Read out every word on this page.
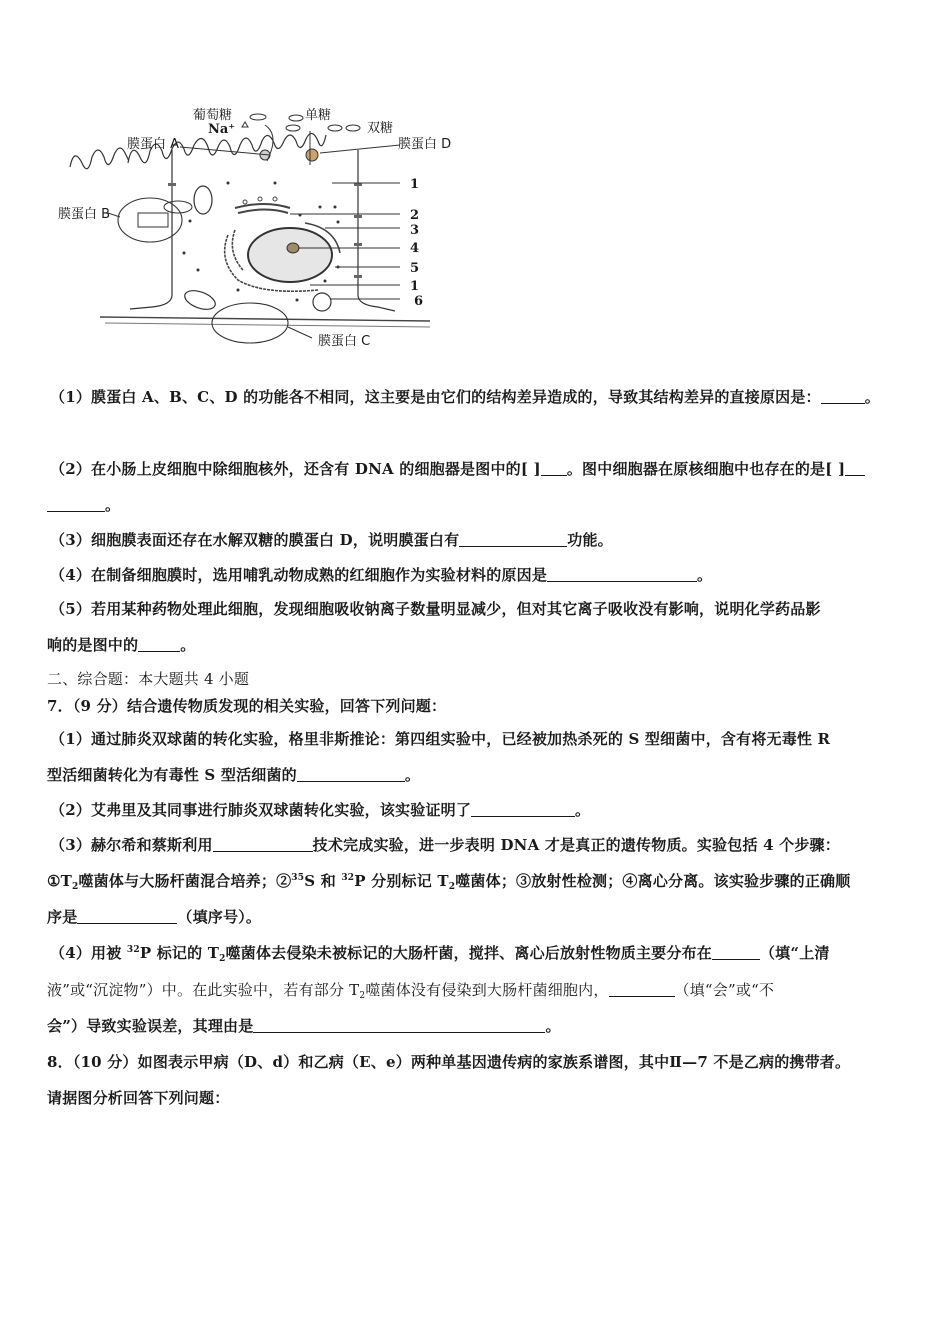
葡萄糖
Na⁺
单糖
双糖
膜蛋白 A	膜蛋白 D
膜蛋白 B
膜蛋白 C
1
2
3
4
5
1
6
（1）膜蛋白 A、B、C、D 的功能各不相同，这主要是由它们的结构差异造成的，导致其结构差异的直接原因是：	。
（2）在小肠上皮细胞中除细胞核外，还含有 DNA 的细胞器是图中的[ ] 。图中细胞器在原核细胞中也存在的是[ ]
。
（3）细胞膜表面还存在水解双糖的膜蛋白 D，说明膜蛋白有	功能。
（4）在制备细胞膜时，选用哺乳动物成熟的红细胞作为实验材料的原因是	。
（5）若用某种药物处理此细胞，发现细胞吸收钠离子数量明显减少，但对其它离子吸收没有影响，说明化学药品影
响的是图中的	。
二、综合题：本大题共 4 小题
7．（9 分）结合遗传物质发现的相关实验，回答下列问题：
（1）通过肺炎双球菌的转化实验，格里非斯推论：第四组实验中，已经被加热杀死的 S 型细菌中，含有将无毒性 R
型活细菌转化为有毒性 S 型活细菌的	。
（2）艾弗里及其同事进行肺炎双球菌转化实验，该实验证明了	。
（3）赫尔希和蔡斯利用	技术完成实验，进一步表明 DNA 才是真正的遗传物质。实验包括 4 个步骤：
$①T_2$噬菌体与大肠杆菌混合培养；②$^{35}$S 和 $^{32}$P 分别标记 $T_2$噬菌体；③放射性检测；④离心分离。该实验步骤的正确顺
序是	（填序号）。
（4）用被 $^{32}$P 标记的 $T_2$噬菌体去侵染未被标记的大肠杆菌，搅拌、离心后放射性物质主要分布在	（填“上清
液”或“沉淀物”）中。在此实验中，若有部分 $T_2$噬菌体没有侵染到大肠杆菌细胞内，	（填“会”或“不
会”）导致实验误差，其理由是	。
8．（10 分）如图表示甲病（D、d）和乙病（E、e）两种单基因遗传病的家族系谱图，其中Ⅱ—7 不是乙病的携带者。
请据图分析回答下列问题：
